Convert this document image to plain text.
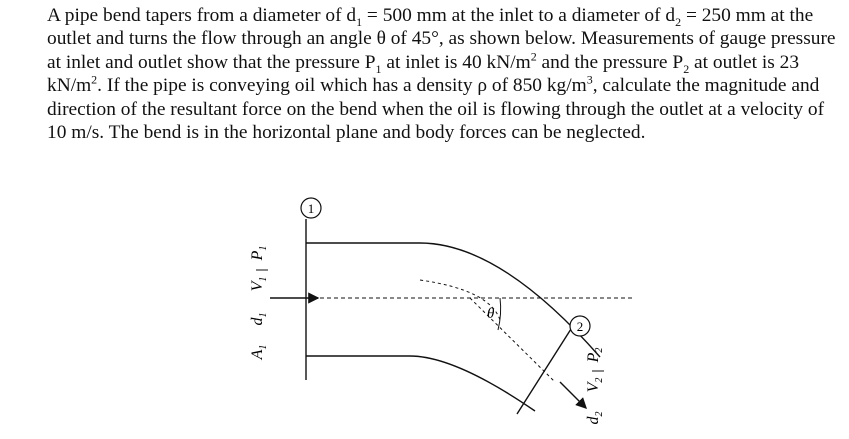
A pipe bend tapers from a diameter of $d_1 = 500$ mm at the inlet to a diameter of $d_2 = 250$ mm at the outlet and turns the flow through an angle θ of 45°, as shown below. Measurements of gauge pressure at inlet and outlet show that the pressure $P_1$ at inlet is 40 $kN/m^2$ and the pressure $P_2$ at outlet is 23 $kN/m^2$. If the pipe is conveying oil which has a density ρ of 850 $kg/m^3$, calculate the magnitude and direction of the resultant force on the bend when the oil is flowing through the outlet at a velocity of 10 m/s. The bend is in the horizontal plane and body forces can be neglected.

1
2
θ
$P_1$
$V_1$
$d_1$
$A_1$
$P_2$
$V_2$
$d_2$
